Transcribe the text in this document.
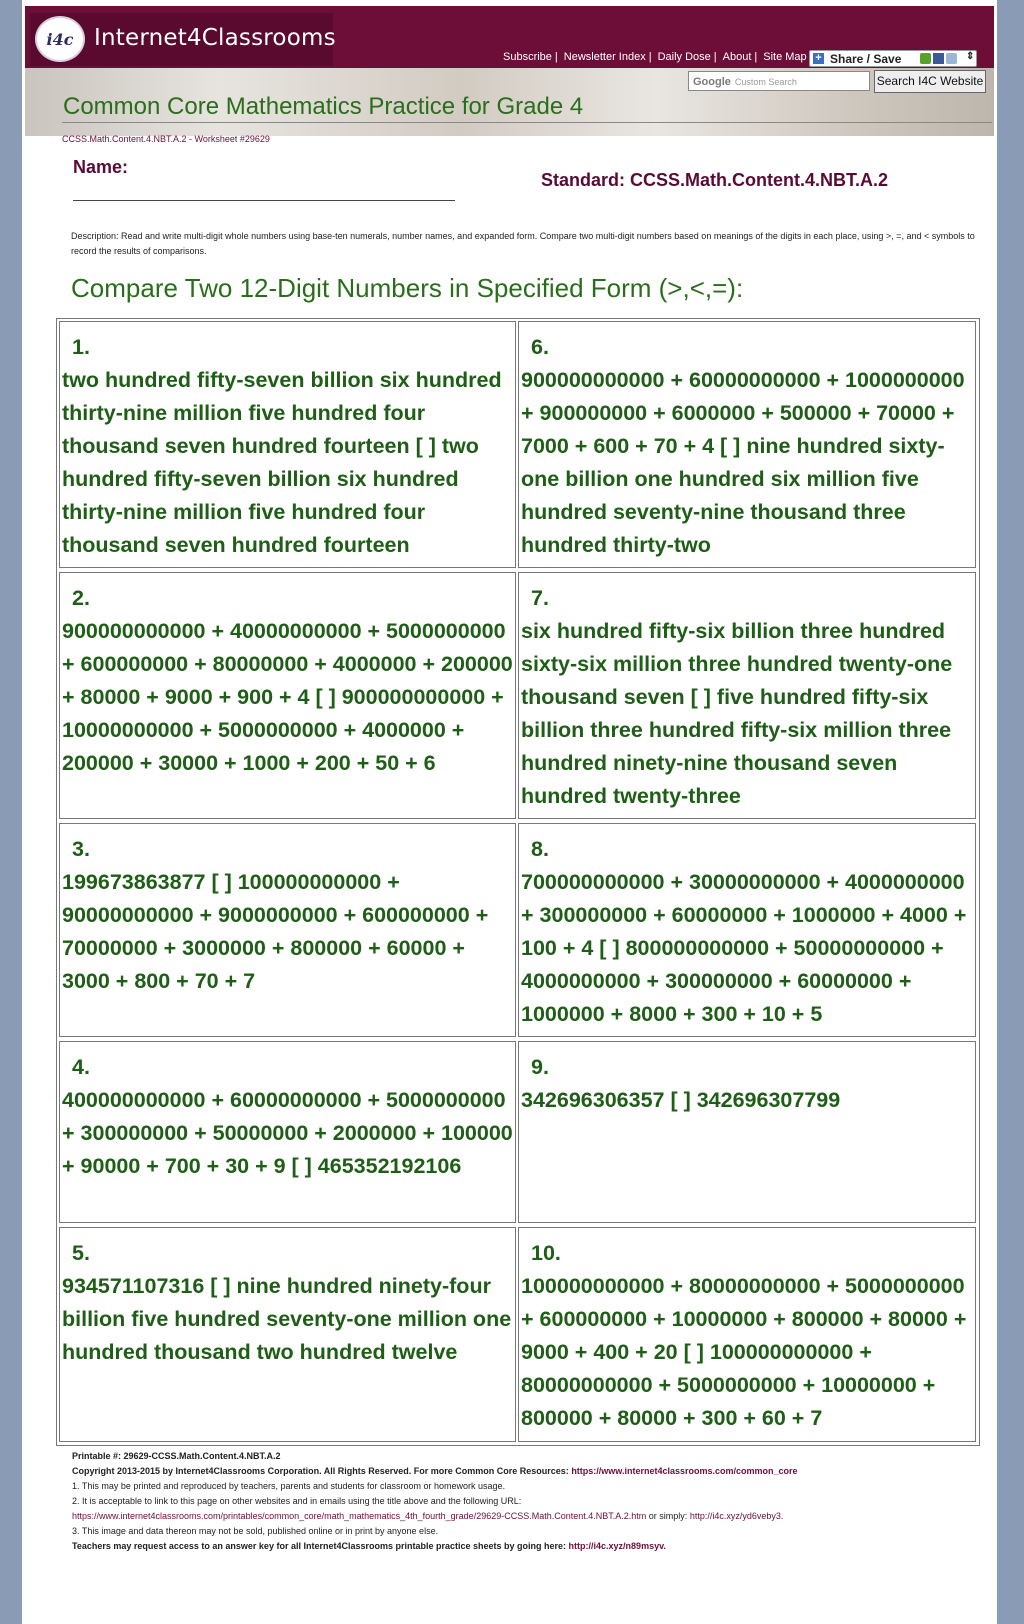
i4c Internet4Classrooms
Subscribe | Newsletter Index | Daily Dose | About | Site Map + Share / Save	⇕
Google Custom Search	Search I4C Website
Common Core Mathematics Practice for Grade 4
CCSS.Math.Content.4.NBT.A.2 - Worksheet #29629
Name:
Standard: CCSS.Math.Content.4.NBT.A.2
Description: Read and write multi-digit whole numbers using base-ten numerals, number names, and expanded form. Compare two multi-digit numbers based on meanings of the digits in each place, using >, =, and < symbols to record the results of comparisons.
Compare Two 12-Digit Numbers in Specified Form (>,<,=):
1.
two hundred fifty-seven billion six hundred thirty-nine million five hundred four thousand seven hundred fourteen [ ] two hundred fifty-seven billion six hundred thirty-nine million five hundred four thousand seven hundred fourteen
6.
900000000000 + 60000000000 + 1000000000 + 900000000 + 6000000 + 500000 + 70000 + 7000 + 600 + 70 + 4 [ ] nine hundred sixty-one billion one hundred six million five hundred seventy-nine thousand three hundred thirty-two
2.
900000000000 + 40000000000 + 5000000000 + 600000000 + 80000000 + 4000000 + 200000 + 80000 + 9000 + 900 + 4 [ ] 900000000000 + 10000000000 + 5000000000 + 4000000 + 200000 + 30000 + 1000 + 200 + 50 + 6
7.
six hundred fifty-six billion three hundred sixty-six million three hundred twenty-one thousand seven [ ] five hundred fifty-six billion three hundred fifty-six million three hundred ninety-nine thousand seven hundred twenty-three
3.
199673863877 [ ] 100000000000 + 90000000000 + 9000000000 + 600000000 + 70000000 + 3000000 + 800000 + 60000 + 3000 + 800 + 70 + 7
8.
700000000000 + 30000000000 + 4000000000 + 300000000 + 60000000 + 1000000 + 4000 + 100 + 4 [ ] 800000000000 + 50000000000 + 4000000000 + 300000000 + 60000000 + 1000000 + 8000 + 300 + 10 + 5
4.
400000000000 + 60000000000 + 5000000000 + 300000000 + 50000000 + 2000000 + 100000 + 90000 + 700 + 30 + 9 [ ] 465352192106
9.
342696306357 [ ] 342696307799
5.
934571107316 [ ] nine hundred ninety-four billion five hundred seventy-one million one hundred thousand two hundred twelve
10.
100000000000 + 80000000000 + 5000000000 + 600000000 + 10000000 + 800000 + 80000 + 9000 + 400 + 20 [ ] 100000000000 + 80000000000 + 5000000000 + 10000000 + 800000 + 80000 + 300 + 60 + 7
Printable #: 29629-CCSS.Math.Content.4.NBT.A.2
Copyright 2013-2015 by Internet4Classrooms Corporation. All Rights Reserved. For more Common Core Resources: https://www.internet4classrooms.com/common_core
1. This may be printed and reproduced by teachers, parents and students for classroom or homework usage.
2. It is acceptable to link to this page on other websites and in emails using the title above and the following URL:
https://www.internet4classrooms.com/printables/common_core/math_mathematics_4th_fourth_grade/29629-CCSS.Math.Content.4.NBT.A.2.htm or simply: http://i4c.xyz/yd6veby3.
3. This image and data thereon may not be sold, published online or in print by anyone else.
Teachers may request access to an answer key for all Internet4Classrooms printable practice sheets by going here: http://i4c.xyz/n89msyv.
